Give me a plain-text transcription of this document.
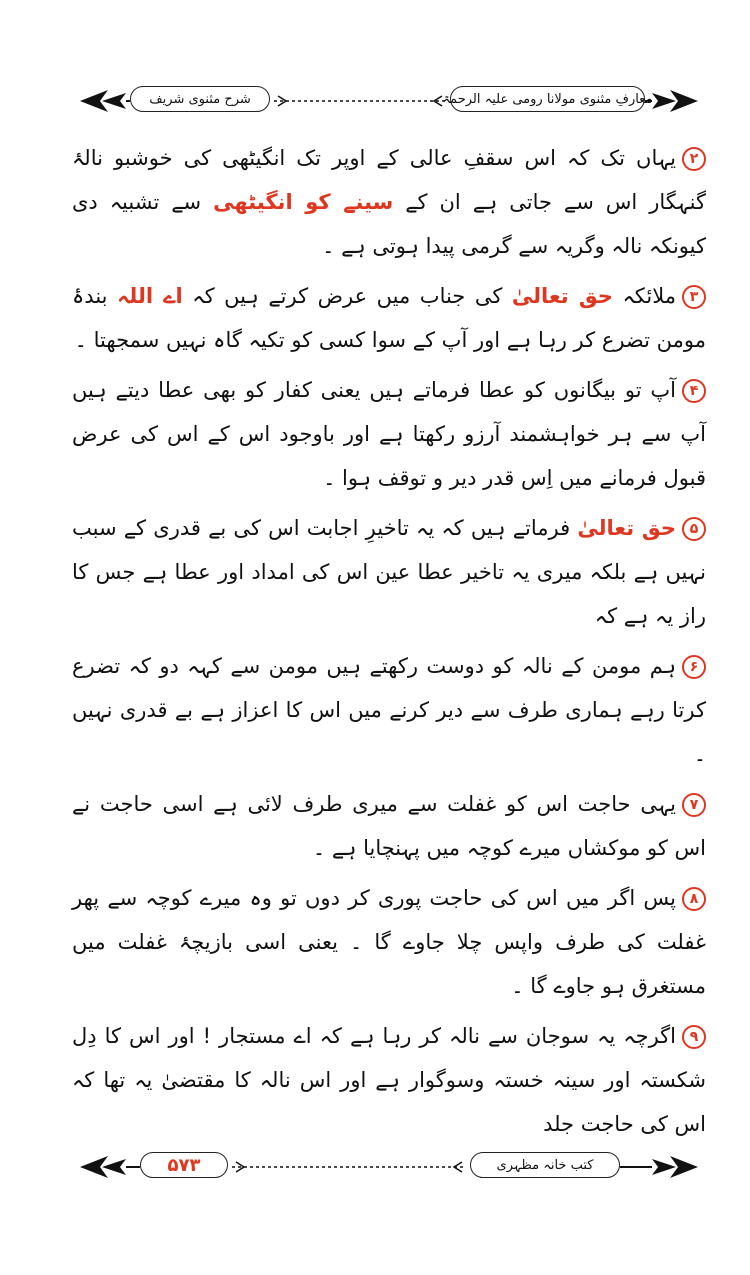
معارفِ مثنوی مولانا رومی علیہ الرحمۃ
شرح مثنوی شریف

۲یہاں تک کہ اس سقفِ عالی کے اوپر تک انگیٹھی کی خوشبو نالۂ گنہگار اس سے جاتی ہے ان کے سینے کو انگیٹھی سے تشبیہ دی کیونکہ نالہ وگریہ سے گرمی پیدا ہوتی ہے ۔

۳ملائکہ حق تعالیٰ کی جناب میں عرض کرتے ہیں کہ اے اللہ بندۂ مومن تضرع کر رہا ہے اور آپ کے سوا کسی کو تکیہ گاہ نہیں سمجھتا ۔

۴آپ تو بیگانوں کو عطا فرماتے ہیں یعنی کفار کو بھی عطا دیتے ہیں آپ سے ہر خواہشمند آرزو رکھتا ہے اور باوجود اس کے اس کی عرض قبول فرمانے میں اِس قدر دیر و توقف ہوا ۔

۵حق تعالیٰ فرماتے ہیں کہ یہ تاخیرِ اجابت اس کی بے قدری کے سبب نہیں ہے بلکہ میری یہ تاخیر عطا عین اس کی امداد اور عطا ہے جس کا راز یہ ہے کہ

۶ہم مومن کے نالہ کو دوست رکھتے ہیں مومن سے کہہ دو کہ تضرع کرتا رہے ہماری طرف سے دیر کرنے میں اس کا اعزاز ہے بے قدری نہیں ۔

۷یہی حاجت اس کو غفلت سے میری طرف لائی ہے اسی حاجت نے اس کو موکشاں میرے کوچہ میں پہنچایا ہے ۔

۸پس اگر میں اس کی حاجت پوری کر دوں تو وہ میرے کوچہ سے پھر غفلت کی طرف واپس چلا جاوے گا ۔ یعنی اسی بازیچۂ غفلت میں مستغرق ہو جاوے گا ۔

۹اگرچہ یہ سوجان سے نالہ کر رہا ہے کہ اے مستجار ! اور اس کا دِل شکستہ اور سینہ خستہ وسوگوار ہے اور اس نالہ کا مقتضیٰ یہ تھا کہ اس کی حاجت جلد

کتب خانہ مظہری
۵۷۳
